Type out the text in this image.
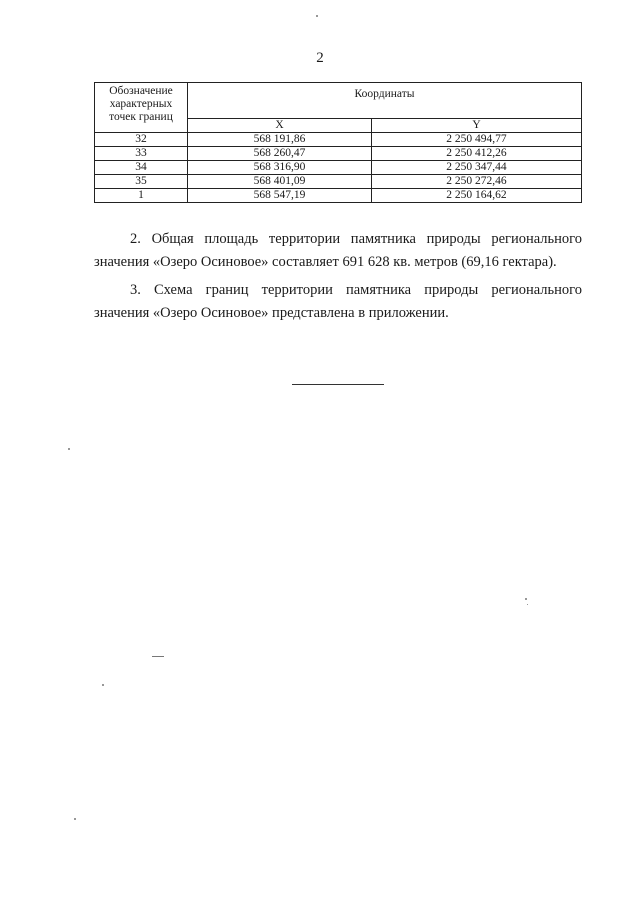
2
Обозначение характерных точек границ	Координаты	
	X	Y
32	568 191,86	2 250 494,77
33	568 260,47	2 250 412,26
34	568 316,90	2 250 347,44
35	568 401,09	2 250 272,46
1	568 547,19	2 250 164,62

2. Общая площадь территории памятника природы регионального значения «Озеро Осиновое» составляет 691 628 кв. метров (69,16 гектара).

3. Схема границ территории памятника природы регионального значения «Озеро Осиновое» представлена в приложении.
